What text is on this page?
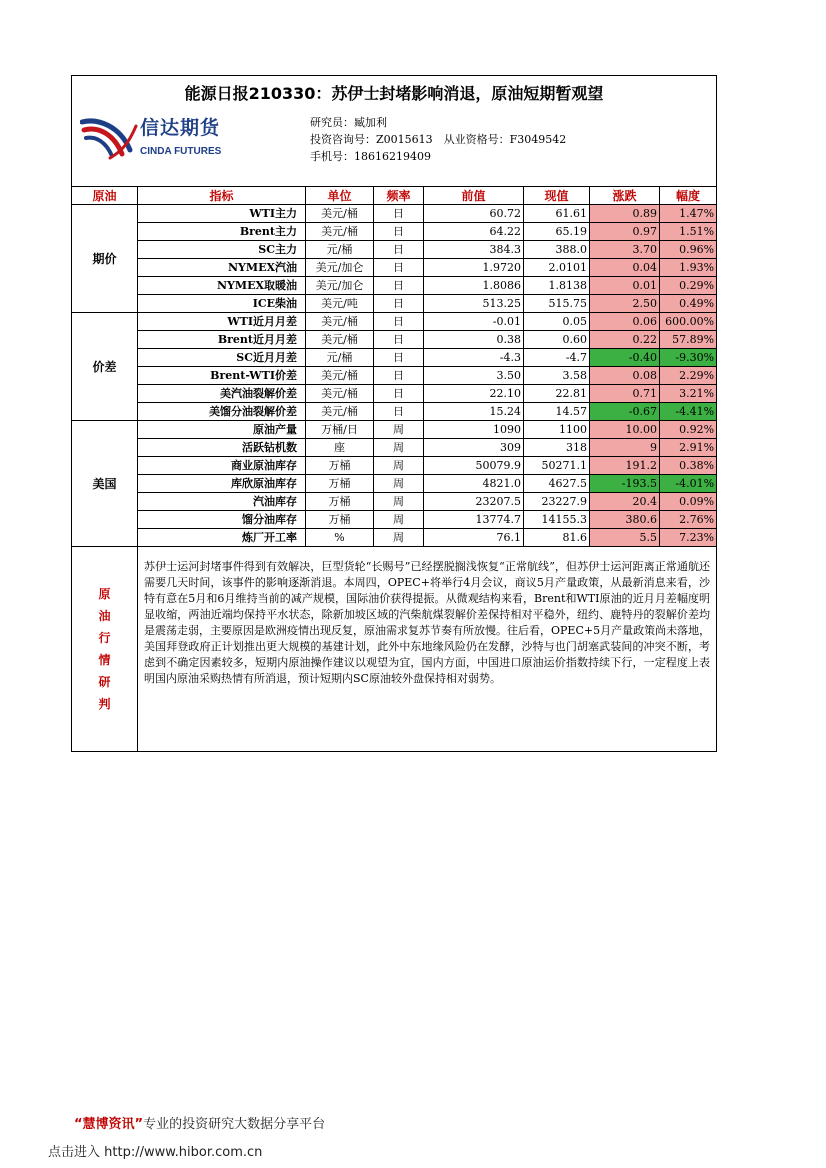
能源日报210330：苏伊士封堵影响消退，原油短期暂观望							

信达期货
CINDA FUTURES
研究员：臧加利
投资咨询号：Z0015613　从业资格号：F3049542
手机号：18616219409							

原油	指标	单位	频率	前值	现值	涨跌	幅度
期价	WTI主力	美元/桶	日	60.72	61.61	0.89	1.47%
	Brent主力	美元/桶	日	64.22	65.19	0.97	1.51%
	SC主力	元/桶	日	384.3	388.0	3.70	0.96%
	NYMEX汽油	美元/加仑	日	1.9720	2.0101	0.04	1.93%
	NYMEX取暖油	美元/加仑	日	1.8086	1.8138	0.01	0.29%
	ICE柴油	美元/吨	日	513.25	515.75	2.50	0.49%
价差	WTI近月月差	美元/桶	日	-0.01	0.05	0.06	600.00%
	Brent近月月差	美元/桶	日	0.38	0.60	0.22	57.89%
	SC近月月差	元/桶	日	-4.3	-4.7	-0.40	-9.30%
	Brent-WTI价差	美元/桶	日	3.50	3.58	0.08	2.29%
	美汽油裂解价差	美元/桶	日	22.10	22.81	0.71	3.21%
	美馏分油裂解价差	美元/桶	日	15.24	14.57	-0.67	-4.41%
美国	原油产量	万桶/日	周	1090	1100	10.00	0.92%
	活跃钻机数	座	周	309	318	9	2.91%
	商业原油库存	万桶	周	50079.9	50271.1	191.2	0.38%
	库欣原油库存	万桶	周	4821.0	4627.5	-193.5	-4.01%
	汽油库存	万桶	周	23207.5	23227.9	20.4	0.09%
	馏分油库存	万桶	周	13774.7	14155.3	380.6	2.76%
	炼厂开工率	%	周	76.1	81.6	5.5	7.23%

原油行情研判	苏伊士运河封堵事件得到有效解决，巨型货轮“长赐号”已经摆脱搁浅恢复“正常航线”，但苏伊士运河距离正常通航还需要几天时间，该事件的影响逐渐消退。本周四，OPEC+将举行4月会议，商议5月产量政策，从最新消息来看，沙特有意在5月和6月维持当前的减产规模，国际油价获得提振。从微观结构来看，Brent和WTI原油的近月月差幅度明显收缩，两油近端均保持平水状态，除新加坡区域的汽柴航煤裂解价差保持相对平稳外，纽约、鹿特丹的裂解价差均是震荡走弱，主要原因是欧洲疫情出现反复，原油需求复苏节奏有所放慢。往后看，OPEC+5月产量政策尚未落地，美国拜登政府正计划推出更大规模的基建计划，此外中东地缘风险仍在发酵，沙特与也门胡塞武装间的冲突不断，考虑到不确定因素较多，短期内原油操作建议以观望为宜，国内方面，中国进口原油运价指数持续下行，一定程度上表明国内原油采购热情有所消退，预计短期内SC原油较外盘保持相对弱势。						
“慧博资讯”专业的投资研究大数据分享平台
点击进入 http://www.hibor.com.cn
